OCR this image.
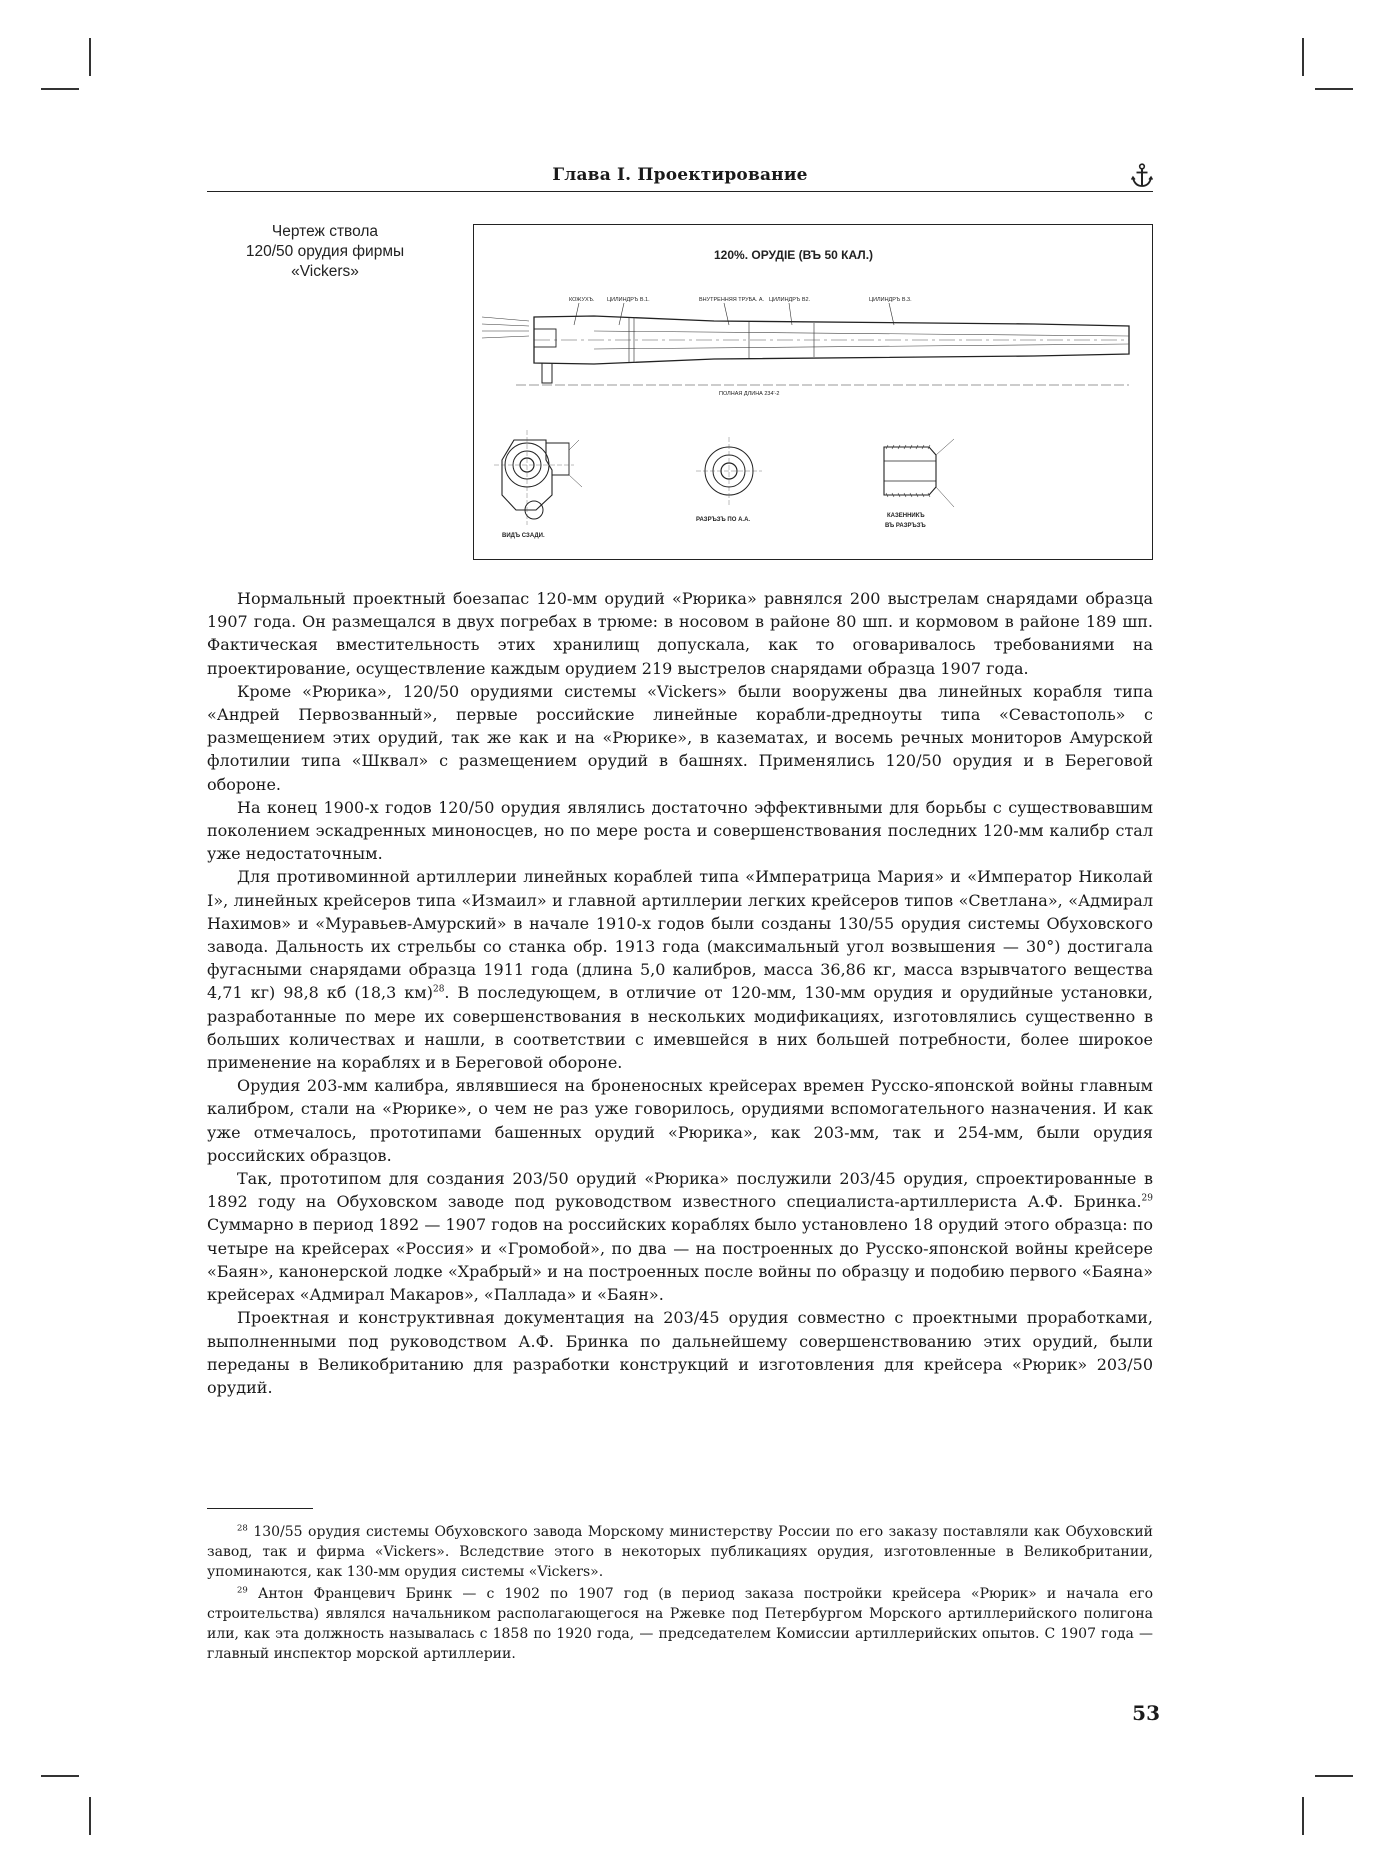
Глава I. Проектирование
Чертеж ствола
120/50 орудия фирмы
«Vickers»
120%. ОРУДІЕ (ВЪ 50 КАЛ.)
КОЖУХЪ. ЦИЛИНДРЪ В.1.	ВНУТРЕННЯЯ ТРУБА. А. ЦИЛИНДРЪ В2.	ЦИЛИНДРЪ В.3.
ПОЛНАЯ ДЛИНА 234'-2
ВИДЪ СЗАДИ.
РАЗРЪЗЪ ПО А.А.
КАЗЕННИКЪ
ВЪ РАЗРЪЗЪ

Нормальный проектный боезапас 120-мм орудий «Рюрика» равнялся 200 выстрелам снарядами образца 1907 года. Он размещался в двух погребах в трюме: в носовом в районе 80 шп. и кормовом в районе 189 шп. Фактическая вместительность этих хранилищ допускала, как то оговаривалось требованиями на проектирование, осуществление каждым орудием 219 выстрелов снарядами образца 1907 года.

Кроме «Рюрика», 120/50 орудиями системы «Vickers» были вооружены два линейных корабля типа «Андрей Первозванный», первые российские линейные корабли-дредноуты типа «Севастополь» с размещением этих орудий, так же как и на «Рюрике», в казематах, и восемь речных мониторов Амурской флотилии типа «Шквал» с размещением орудий в башнях. Применялись 120/50 орудия и в Береговой обороне.

На конец 1900-х годов 120/50 орудия являлись достаточно эффективными для борьбы с существовавшим поколением эскадренных миноносцев, но по мере роста и совершенствования последних 120-мм калибр стал уже недостаточным.

Для противоминной артиллерии линейных кораблей типа «Императрица Мария» и «Император Николай I», линейных крейсеров типа «Измаил» и главной артиллерии легких крейсеров типов «Светлана», «Адмирал Нахимов» и «Муравьев-Амурский» в начале 1910-х годов были созданы 130/55 орудия системы Обуховского завода. Дальность их стрельбы со станка обр. 1913 года (максимальный угол возвышения — 30°) достигала фугасными снарядами образца 1911 года (длина 5,0 калибров, масса 36,86 кг, масса взрывчатого вещества 4,71 кг) 98,8 кб (18,3 км)$^{28}$. В последующем, в отличие от 120-мм, 130-мм орудия и орудийные установки, разработанные по мере их совершенствования в нескольких модификациях, изготовлялись существенно в больших количествах и нашли, в соответствии с имевшейся в них большей потребности, более широкое применение на кораблях и в Береговой обороне.

Орудия 203-мм калибра, являвшиеся на броненосных крейсерах времен Русско-японской войны главным калибром, стали на «Рюрике», о чем не раз уже говорилось, орудиями вспомогательного назначения. И как уже отмечалось, прототипами башенных орудий «Рюрика», как 203-мм, так и 254-мм, были орудия российских образцов.

Так, прототипом для создания 203/50 орудий «Рюрика» послужили 203/45 орудия, спроектированные в 1892 году на Обуховском заводе под руководством известного специалиста-артиллериста А.Ф. Бринка.$^{29}$ Суммарно в период 1892 — 1907 годов на российских кораблях было установлено 18 орудий этого образца: по четыре на крейсерах «Россия» и «Громобой», по два — на построенных до Русско-японской войны крейсере «Баян», канонерской лодке «Храбрый» и на построенных после войны по образцу и подобию первого «Баяна» крейсерах «Адмирал Макаров», «Паллада» и «Баян».

Проектная и конструктивная документация на 203/45 орудия совместно с проектными проработками, выполненными под руководством А.Ф. Бринка по дальнейшему совершенствованию этих орудий, были переданы в Великобританию для разработки конструкций и изготовления для крейсера «Рюрик» 203/50 орудий.

$^{28}$ 130/55 орудия системы Обуховского завода Морскому министерству России по его заказу поставляли как Обуховский завод, так и фирма «Vickers». Вследствие этого в некоторых публикациях орудия, изготовленные в Великобритании, упоминаются, как 130-мм орудия системы «Vickers».

$^{29}$ Антон Францевич Бринк — с 1902 по 1907 год (в период заказа постройки крейсера «Рюрик» и начала его строительства) являлся начальником располагающегося на Ржевке под Петербургом Морского артиллерийского полигона или, как эта должность называлась с 1858 по 1920 года, — председателем Комиссии артиллерийских опытов. С 1907 года — главный инспектор морской артиллерии.

53
